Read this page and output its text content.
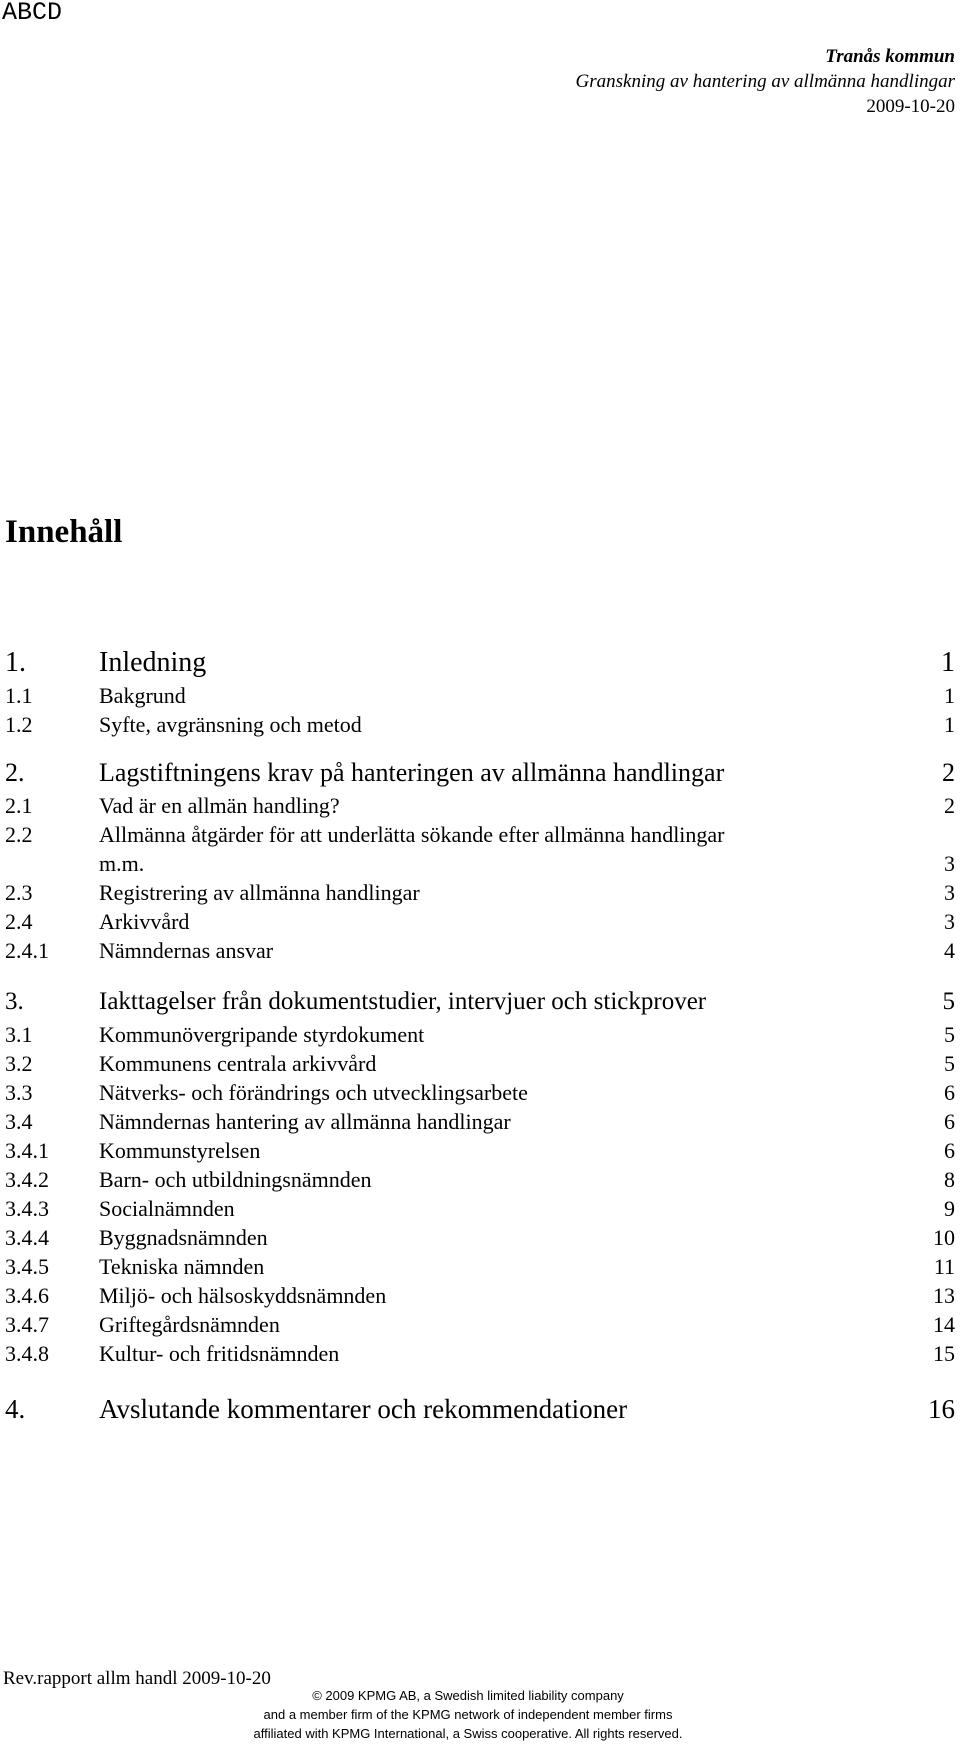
ABCD
Tranås kommun
Granskning av hantering av allmänna handlingar
2009-10-20
Innehåll
1.	Inledning	1
1.1	Bakgrund	1
1.2	Syfte, avgränsning och metod	1
2.	Lagstiftningens krav på hanteringen av allmänna handlingar	2
2.1	Vad är en allmän handling?	2
2.2	Allmänna åtgärder för att underlätta sökande efter allmänna handlingar
m.m.	3
2.3	Registrering av allmänna handlingar	3
2.4	Arkivvård	3
2.4.1 Nämndernas ansvar	4
3.	Iakttagelser från dokumentstudier, intervjuer och stickprover	5
3.1	Kommunövergripande styrdokument	5
3.2	Kommunens centrala arkivvård	5
3.3	Nätverks- och förändrings och utvecklingsarbete	6
3.4	Nämndernas hantering av allmänna handlingar	6
3.4.1 Kommunstyrelsen	6
3.4.2 Barn- och utbildningsnämnden	8
3.4.3 Socialnämnden	9
3.4.4 Byggnadsnämnden	10
3.4.5 Tekniska nämnden	11
3.4.6 Miljö- och hälsoskyddsnämnden	13
3.4.7 Griftegårdsnämnden	14
3.4.8 Kultur- och fritidsnämnden	15
4.	Avslutande kommentarer och rekommendationer	16
Rev.rapport allm handl 2009-10-20
© 2009 KPMG AB, a Swedish limited liability company
and a member firm of the KPMG network of independent member firms
affiliated with KPMG International, a Swiss cooperative. All rights reserved.
